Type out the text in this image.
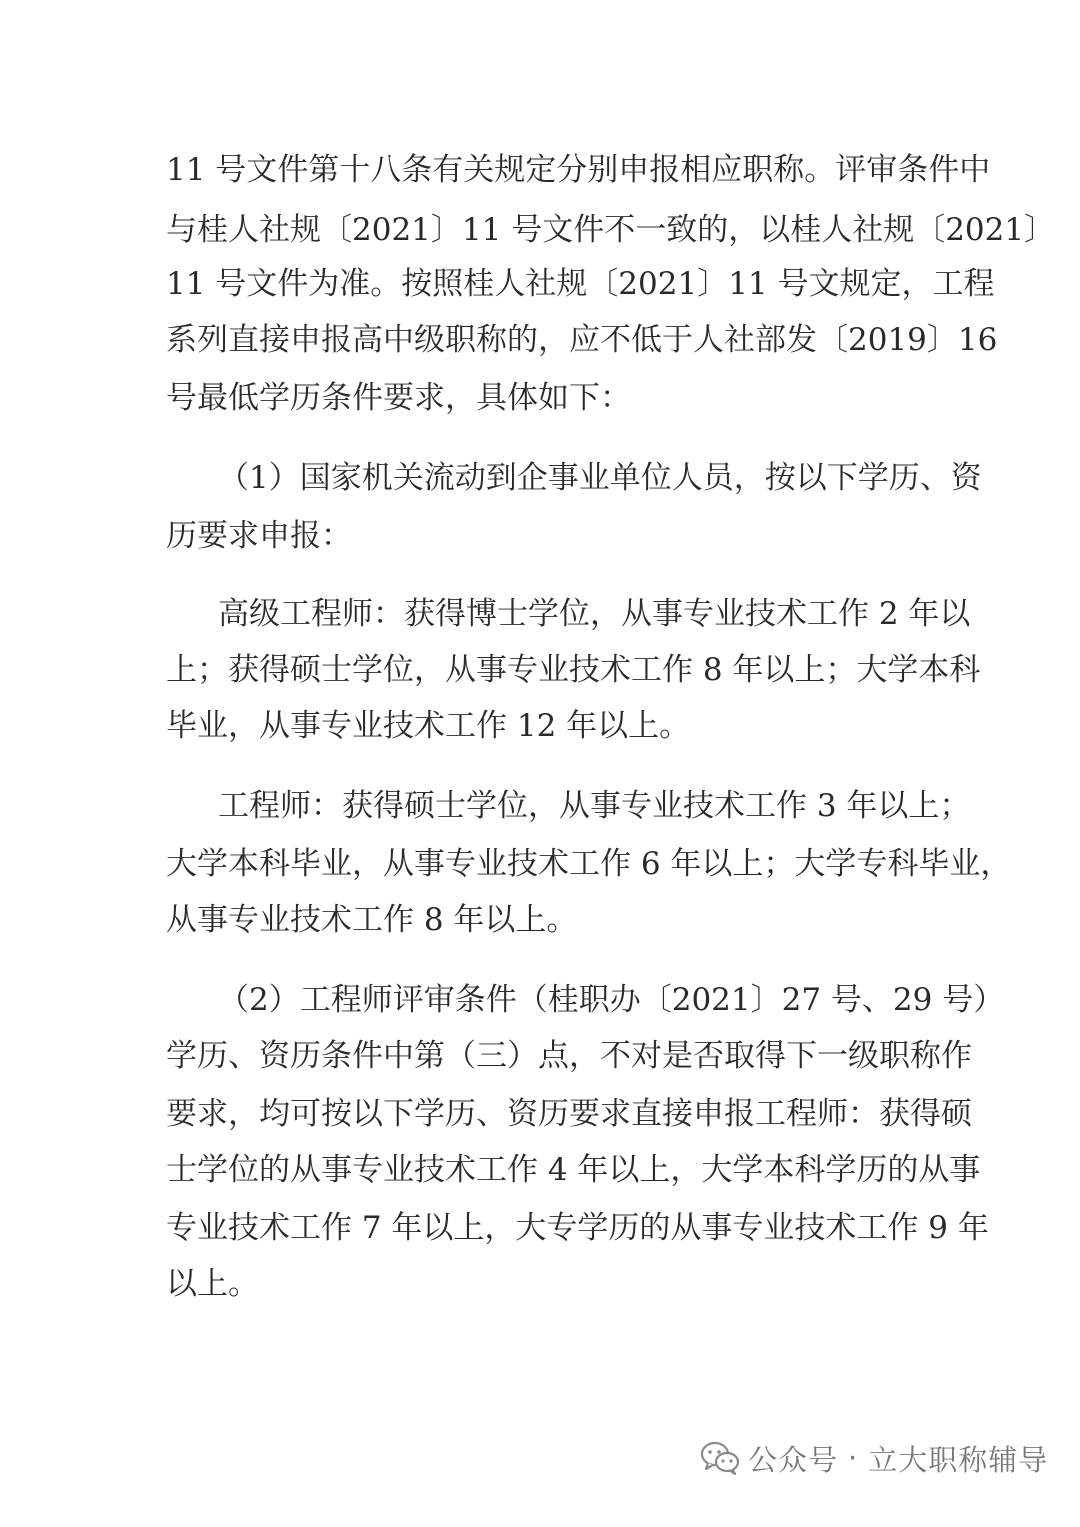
11 号文件第十八条有关规定分别申报相应职称。评审条件中
与桂人社规〔2021〕11 号文件不一致的，以桂人社规〔2021〕
11 号文件为准。按照桂人社规〔2021〕11 号文规定，工程
系列直接申报高中级职称的，应不低于人社部发〔2019〕16
号最低学历条件要求，具体如下：
（1）国家机关流动到企事业单位人员，按以下学历、资
历要求申报：
高级工程师：获得博士学位，从事专业技术工作 2 年以
上；获得硕士学位，从事专业技术工作 8 年以上；大学本科
毕业，从事专业技术工作 12 年以上。
工程师：获得硕士学位，从事专业技术工作 3 年以上；
大学本科毕业，从事专业技术工作 6 年以上；大学专科毕业，
从事专业技术工作 8 年以上。
（2）工程师评审条件（桂职办〔2021〕27 号、29 号）
学历、资历条件中第（三）点，不对是否取得下一级职称作
要求，均可按以下学历、资历要求直接申报工程师：获得硕
士学位的从事专业技术工作 4 年以上，大学本科学历的从事
专业技术工作 7 年以上，大专学历的从事专业技术工作 9 年
以上。
公众号 · 立大职称辅导
